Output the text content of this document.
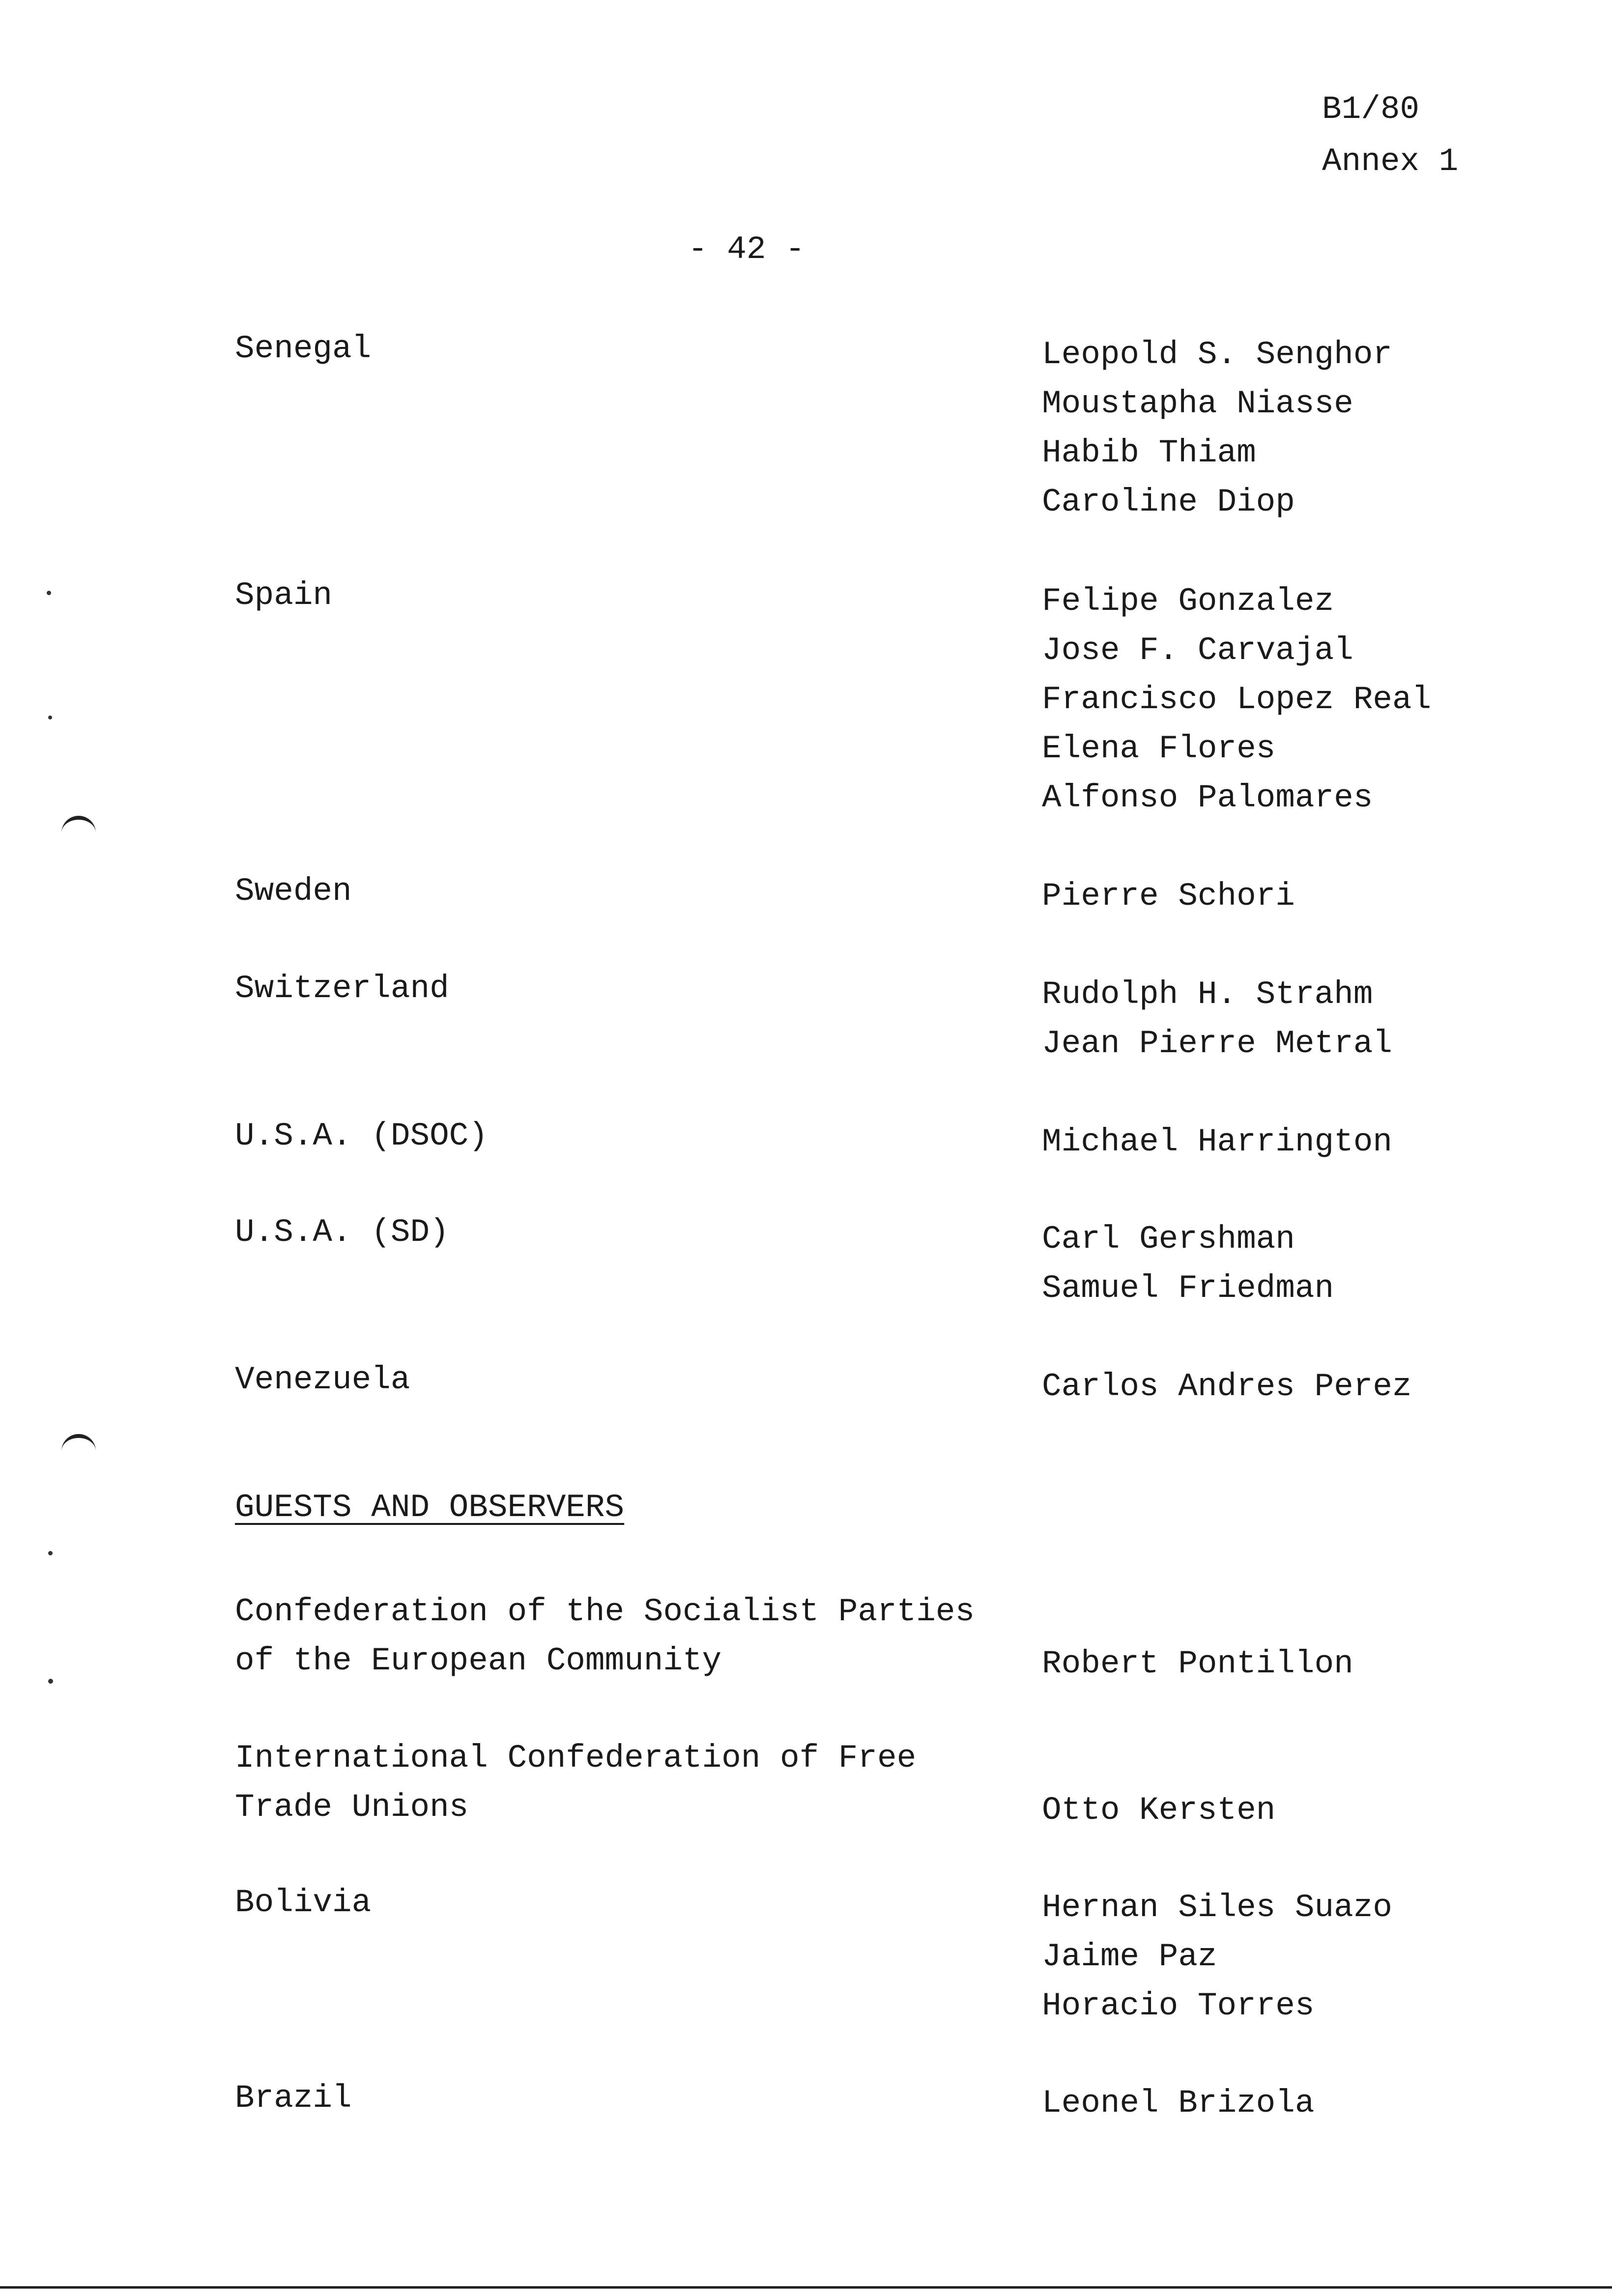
B1/80
Annex 1
- 42 -
Senegal	Leopold S. Senghor
Moustapha Niasse
Habib Thiam
Caroline Diop
Spain	Felipe Gonzalez
Jose F. Carvajal
Francisco Lopez Real
Elena Flores
Alfonso Palomares
Sweden	Pierre Schori
Switzerland	Rudolph H. Strahm
Jean Pierre Metral
U.S.A. (DSOC)	Michael Harrington
U.S.A. (SD)	Carl Gershman
Samuel Friedman
Venezuela	Carlos Andres Perez
GUESTS AND OBSERVERS
Confederation of the Socialist Parties
of the European Community	Robert Pontillon
International Confederation of Free
Trade Unions	Otto Kersten
Bolivia	Hernan Siles Suazo
Jaime Paz
Horacio Torres
Brazil	Leonel Brizola
